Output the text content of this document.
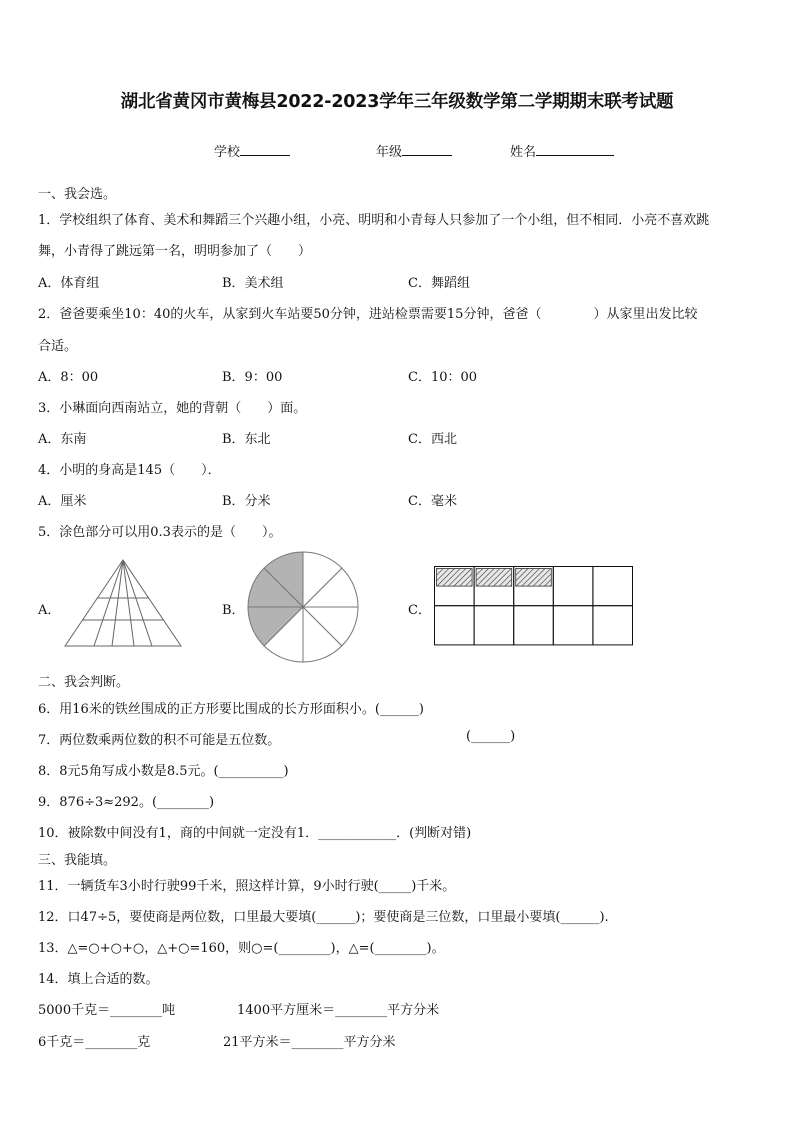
湖北省黄冈市黄梅县2022-2023学年三年级数学第二学期期末联考试题
学校	年级	姓名
一、我会选。
1．学校组织了体育、美术和舞蹈三个兴趣小组，小亮、明明和小青每人只参加了一个小组，但不相同．小亮不喜欢跳
舞，小青得了跳远第一名，明明参加了（　　）
A．体育组	B．美术组	C．舞蹈组
2．爸爸要乘坐10：40的火车，从家到火车站要50分钟，进站检票需要15分钟，爸爸（　　　　）从家里出发比较
合适。
A．8：00	B．9：00	C．10：00
3．小琳面向西南站立，她的背朝（　　）面。
A．东南	B．东北	C．西北
4．小明的身高是145（　　）．
A．厘米	B．分米	C．毫米
5．涂色部分可以用0.3表示的是（　　）。
A．	B．	C．
二、我会判断。
6．用16米的铁丝围成的正方形要比围成的长方形面积小。(______)
7．两位数乘两位数的积不可能是五位数。	(______)
8．8元5角写成小数是8.5元。(__________)
9．876÷3≈292。(________)
10．被除数中间没有1，商的中间就一定没有1．____________．(判断对错)
三、我能填。
11．一辆货车3小时行驶99千米，照这样计算，9小时行驶(_____)千米。
12．口47÷5，要使商是两位数，口里最大要填(______)；要使商是三位数，口里最小要填(______).
13．△=○+○+○，△+○=160，则○=(________)，△=(________)。
14．填上合适的数。
5000千克＝________吨	1400平方厘米＝________平方分米
6千克＝________克	21平方米＝________平方分米
